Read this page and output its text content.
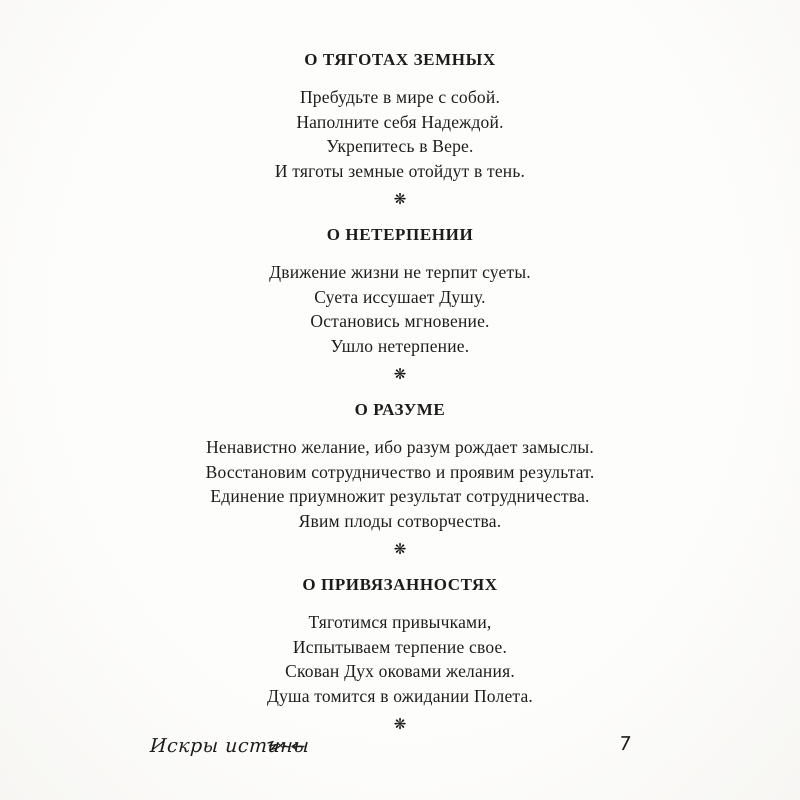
О ТЯГОТАХ ЗЕМНЫХ

Пребудьте в мире с собой.

Наполните себя Надеждой.

Укрепитесь в Вере.

И тяготы земные отойдут в тень.

❋
О НЕТЕРПЕНИИ

Движение жизни не терпит суеты.

Суета иссушает Душу.

Остановись мгновение.

Ушло нетерпение.

❋
О РАЗУМЕ

Ненавистно желание, ибо разум рождает замыслы.

Восстановим сотрудничество и проявим результат.

Единение приумножит результат сотрудничества.

Явим плоды сотворчества.

❋
О ПРИВЯЗАННОСТЯХ

Тяготимся привычками,

Испытываем терпение свое.

Скован Дух оковами желания.

Душа томится в ожидании Полета.

❋
Искры истины	7
